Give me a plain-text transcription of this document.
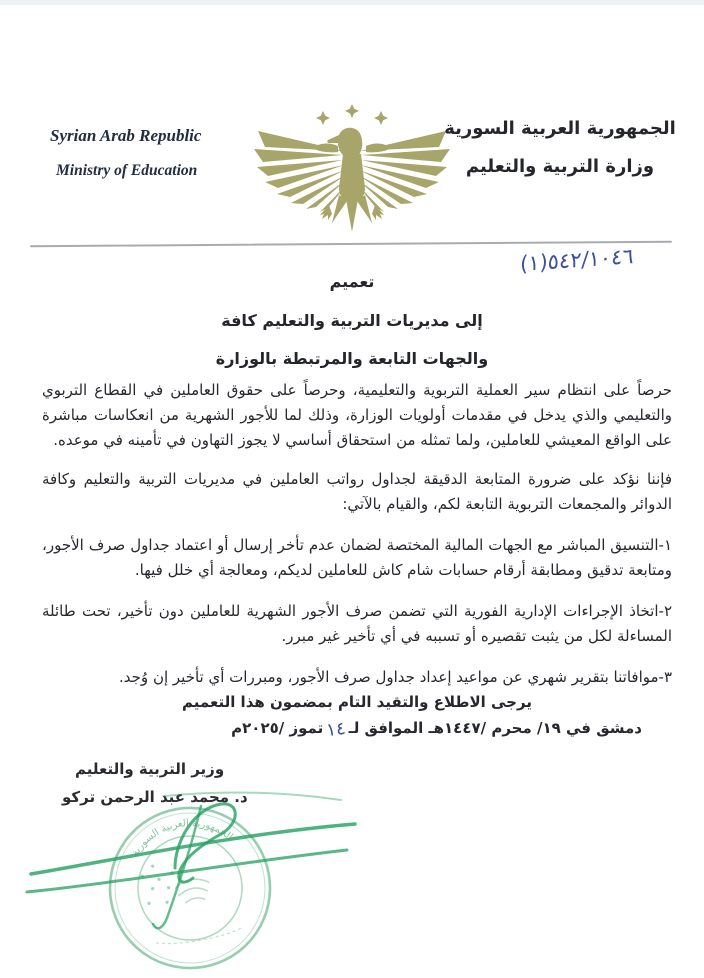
Syrian Arab Republic
Ministry of Education
الجمهورية العربية السورية
وزارة التربية والتعليم
(١)٥٤٢/١٠٤٦
تعميم
إلى مديريات التربية والتعليم كافة
والجهات التابعة والمرتبطة بالوزارة

حرصاً على انتظام سير العملية التربوية والتعليمية، وحرصاً على حقوق العاملين في القطاع التربوي والتعليمي والذي يدخل في مقدمات أولويات الوزارة، وذلك لما للأجور الشهرية من انعكاسات مباشرة على الواقع المعيشي للعاملين، ولما تمثله من استحقاق أساسي لا يجوز التهاون في تأمينه في موعده.

فإننا نؤكد على ضرورة المتابعة الدقيقة لجداول رواتب العاملين في مديريات التربية والتعليم وكافة الدوائر والمجمعات التربوية التابعة لكم، والقيام بالآتي:

١-التنسيق المباشر مع الجهات المالية المختصة لضمان عدم تأخر إرسال أو اعتماد جداول صرف الأجور، ومتابعة تدقيق ومطابقة أرقام حسابات شام كاش للعاملين لديكم، ومعالجة أي خلل فيها.

٢-اتخاذ الإجراءات الإدارية الفورية التي تضمن صرف الأجور الشهرية للعاملين دون تأخير، تحت طائلة المساءلة لكل من يثبت تقصيره أو تسببه في أي تأخير غير مبرر.

٣-موافاتنا بتقرير شهري عن مواعيد إعداد جداول صرف الأجور، ومبررات أي تأخير إن وُجد.

يرجى الاطلاع والتقيد التام بمضمون هذا التعميم

دمشق في ١٩/ محرم /١٤٤٧هـ الموافق لـ١٤تموز /٢٠٢٥م

وزير التربية والتعليم
د. محمد عبد الرحمن تركو
الجمهورية العربية السورية
